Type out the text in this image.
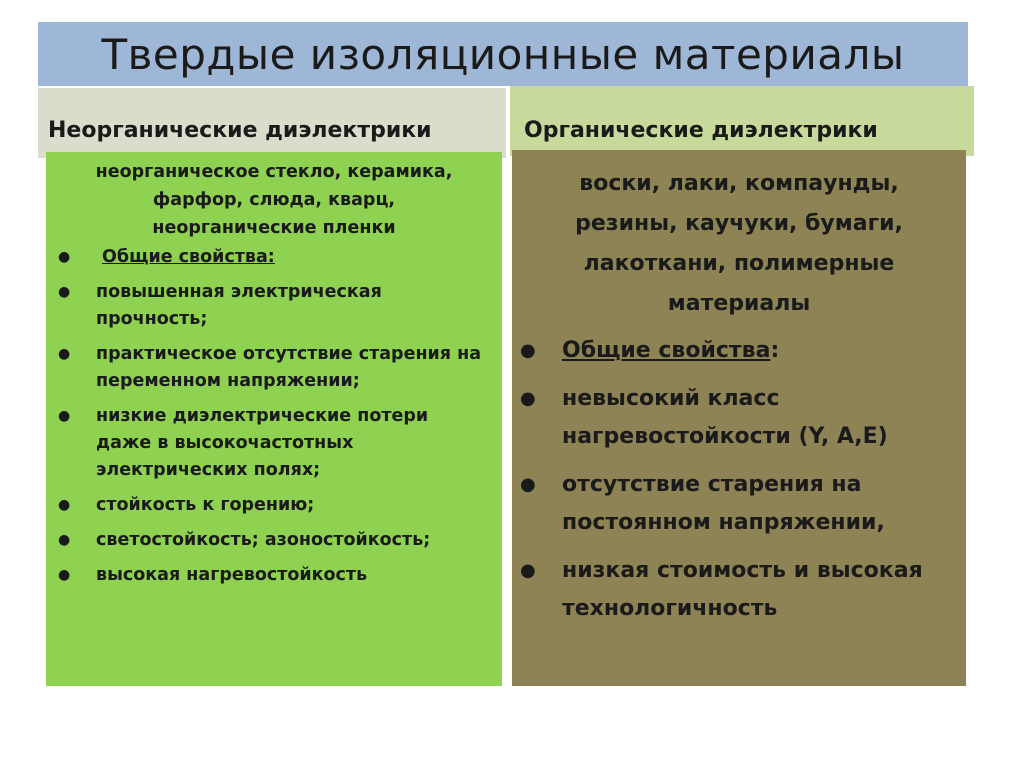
Твердые изоляционные материалы
Неорганические диэлектрики	Органические диэлектрики
неорганическое стекло, керамика,
фарфор, слюда, кварц,
неорганические пленки
● Общие свойства:
● повышенная электрическая прочность;
● практическое отсутствие старения на переменном напряжении;
● низкие диэлектрические потери даже в высокочастотных электрических полях;
● стойкость к горению;
● светостойкость; азоностойкость;
● высокая нагревостойкость
воски, лаки, компаунды,
резины, каучуки, бумаги,
лакоткани, полимерные
материалы
● Общие свойства:
● невысокий класс нагревостойкости (Y, A,E)
● отсутствие старения на постоянном напряжении,
● низкая стоимость и высокая технологичность
